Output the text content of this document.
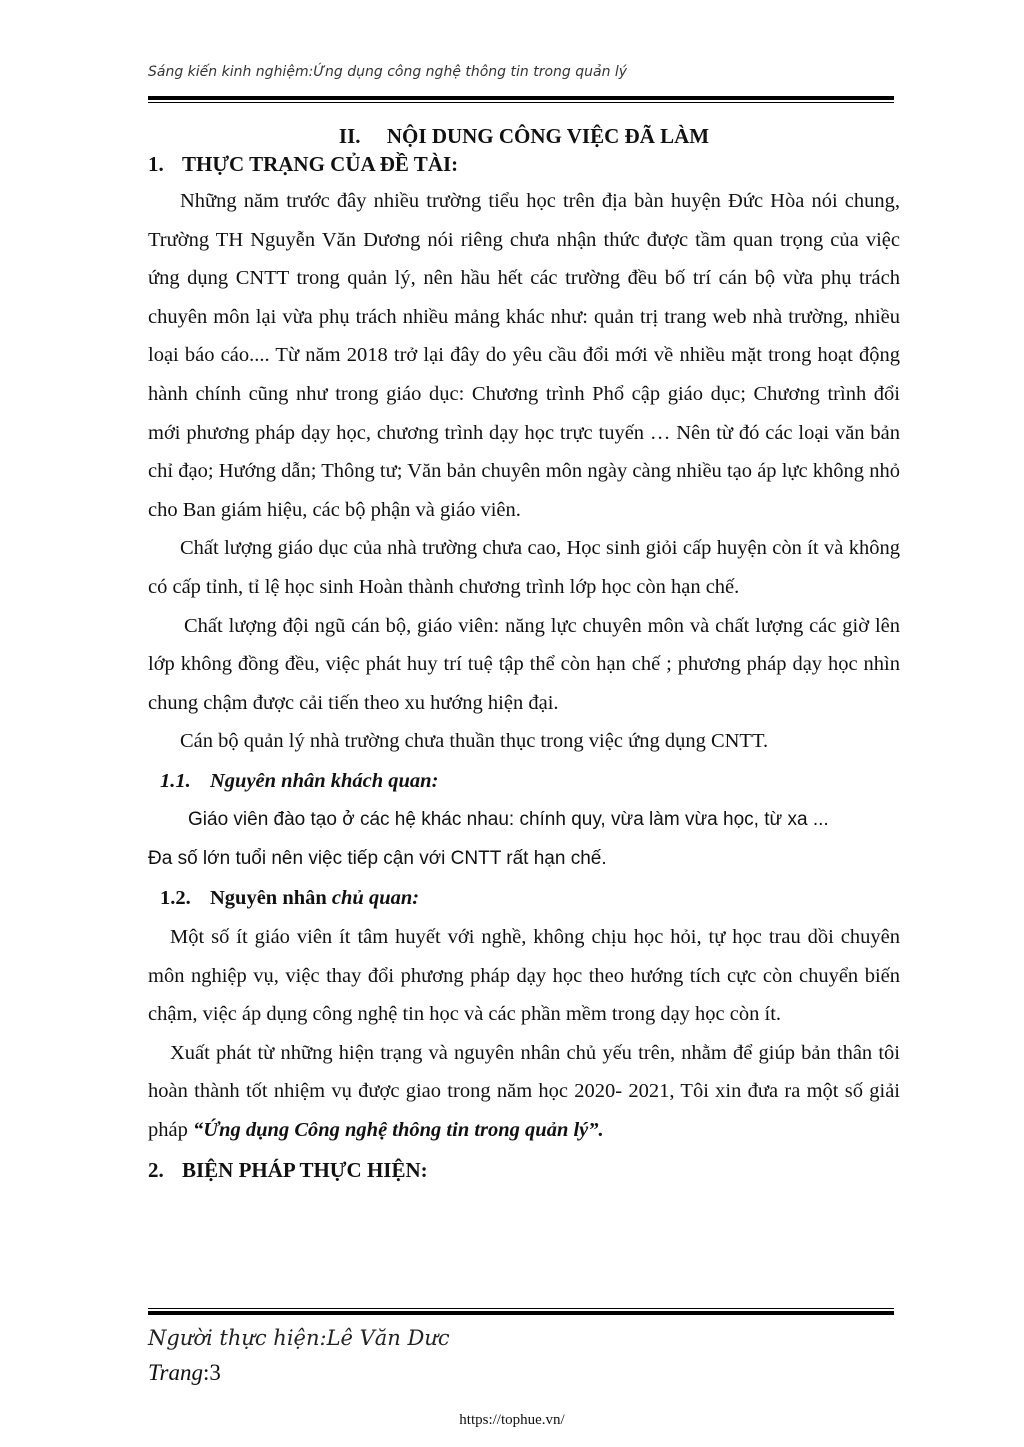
Sáng kiến kinh nghiệm:Ứng dụng công nghệ thông tin trong quản lý
II. NỘI DUNG CÔNG VIỆC ĐÃ LÀM
1. THỰC TRẠNG CỦA ĐỀ TÀI:
Những năm trước đây nhiều trường tiểu học trên địa bàn huyện Đức Hòa nói chung, Trường TH Nguyễn Văn Dương nói riêng chưa nhận thức được tầm quan trọng của việc ứng dụng CNTT trong quản lý, nên hầu hết các trường đều bố trí cán bộ vừa phụ trách chuyên môn lại vừa phụ trách nhiều mảng khác như: quản trị trang web nhà trường, nhiều loại báo cáo.... Từ năm 2018 trở lại đây do yêu cầu đổi mới về nhiều mặt trong hoạt động hành chính cũng như trong giáo dục: Chương trình Phổ cập giáo dục; Chương trình đổi mới phương pháp dạy học, chương trình dạy học trực tuyến … Nên từ đó các loại văn bản chỉ đạo; Hướng dẫn; Thông tư; Văn bản chuyên môn ngày càng nhiều tạo áp lực không nhỏ cho Ban giám hiệu, các bộ phận và giáo viên.
Chất lượng giáo dục của nhà trường chưa cao, Học sinh giỏi cấp huyện còn ít và không có cấp tỉnh, tỉ lệ học sinh Hoàn thành chương trình lớp học còn hạn chế.
Chất lượng đội ngũ cán bộ, giáo viên: năng lực chuyên môn và chất lượng các giờ lên lớp không đồng đều, việc phát huy trí tuệ tập thể còn hạn chế ; phương pháp dạy học nhìn chung chậm được cải tiến theo xu hướng hiện đại.
Cán bộ quản lý nhà trường chưa thuần thục trong việc ứng dụng CNTT.
1.1. Nguyên nhân khách quan:
Giáo viên đào tạo ở các hệ khác nhau: chính quy, vừa làm vừa học, từ xa ...
Đa số lớn tuổi nên việc tiếp cận với CNTT rất hạn chế.
1.2. Nguyên nhân chủ quan:
Một số ít giáo viên ít tâm huyết với nghề, không chịu học hỏi, tự học trau dồi chuyên môn nghiệp vụ, việc thay đổi phương pháp dạy học theo hướng tích cực còn chuyển biến chậm, việc áp dụng công nghệ tin học và các phần mềm trong dạy học còn ít.
Xuất phát từ những hiện trạng và nguyên nhân chủ yếu trên, nhằm để giúp bản thân tôi hoàn thành tốt nhiệm vụ được giao trong năm học 2020- 2021, Tôi xin đưa ra một số giải pháp “Ứng dụng Công nghệ thông tin trong quản lý”.
2. BIỆN PHÁP THỰC HIỆN:
Người thực hiện:Lê Văn Dưc
Trang:3
https://tophue.vn/
